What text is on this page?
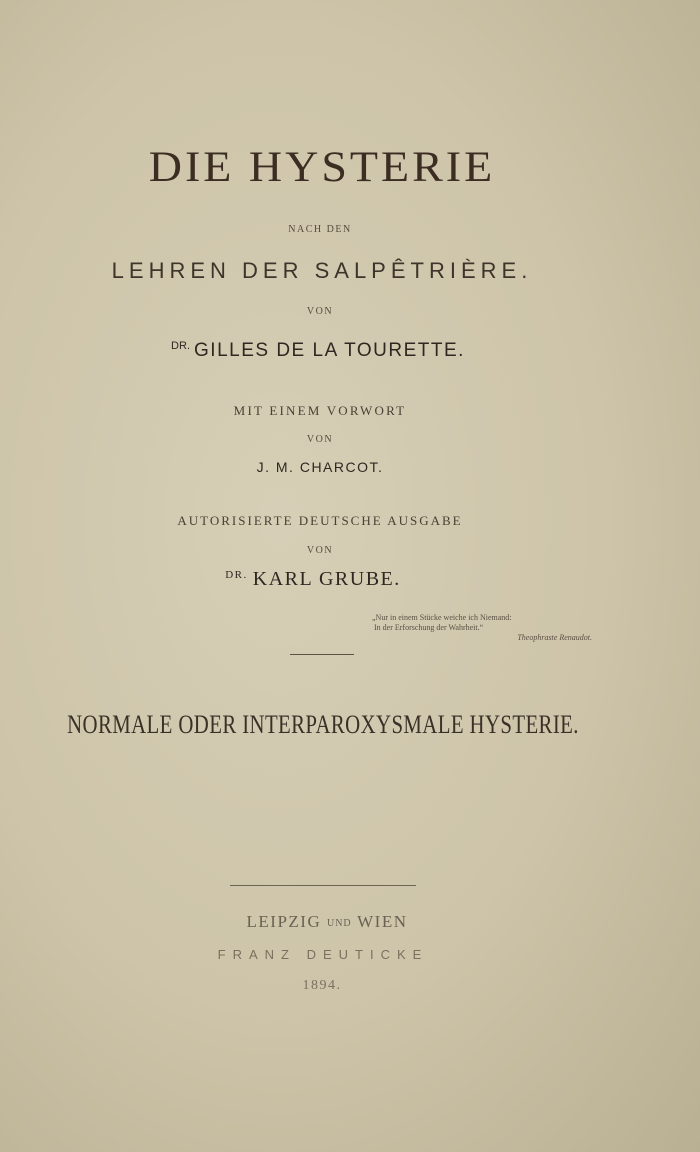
DIE HYSTERIE
NACH DEN
LEHREN DER SALPÊTRIÈRE.
VON
$^{DR.}$ GILLES DE LA TOURETTE.
MIT EINEM VORWORT
VON
J. M. CHARCOT.
AUTORISIERTE DEUTSCHE AUSGABE
VON
$^{DR.}$ KARL GRUBE.
„Nur in einem Stücke weiche ich Niemand:
In der Erforschung der Wahrheit.“
Theophraste Renaudot.
NORMALE ODER INTERPAROXYSMALE HYSTERIE.
LEIPZIG UND WIEN
FRANZ DEUTICKE
1894.
